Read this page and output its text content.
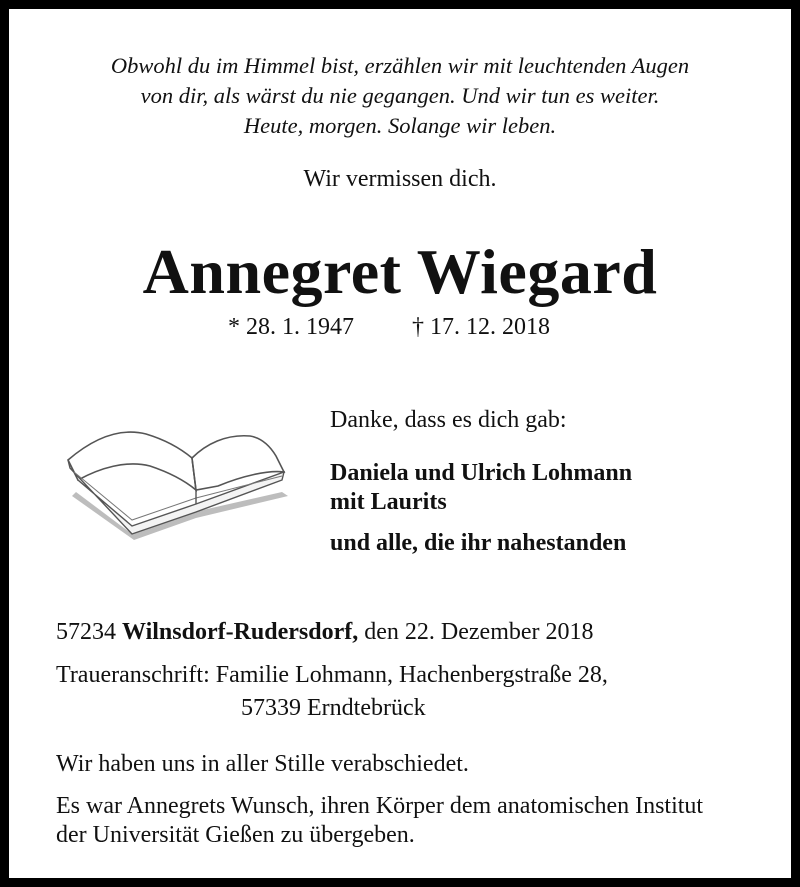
Obwohl du im Himmel bist, erzählen wir mit leuchtenden Augen
von dir, als wärst du nie gegangen. Und wir tun es weiter.
Heute, morgen. Solange wir leben.
Wir vermissen dich.
Annegret Wiegard
* 28. 1. 1947 † 17. 12. 2018
Danke, dass es dich gab:
Daniela und Ulrich Lohmann
mit Laurits
und alle, die ihr nahestanden
57234 Wilnsdorf-Rudersdorf, den 22. Dezember 2018
Traueranschrift: Familie Lohmann, Hachenbergstraße 28,
57339 Erndtebrück
Wir haben uns in aller Stille verabschiedet.
Es war Annegrets Wunsch, ihren Körper dem anatomischen Institut
der Universität Gießen zu übergeben.
